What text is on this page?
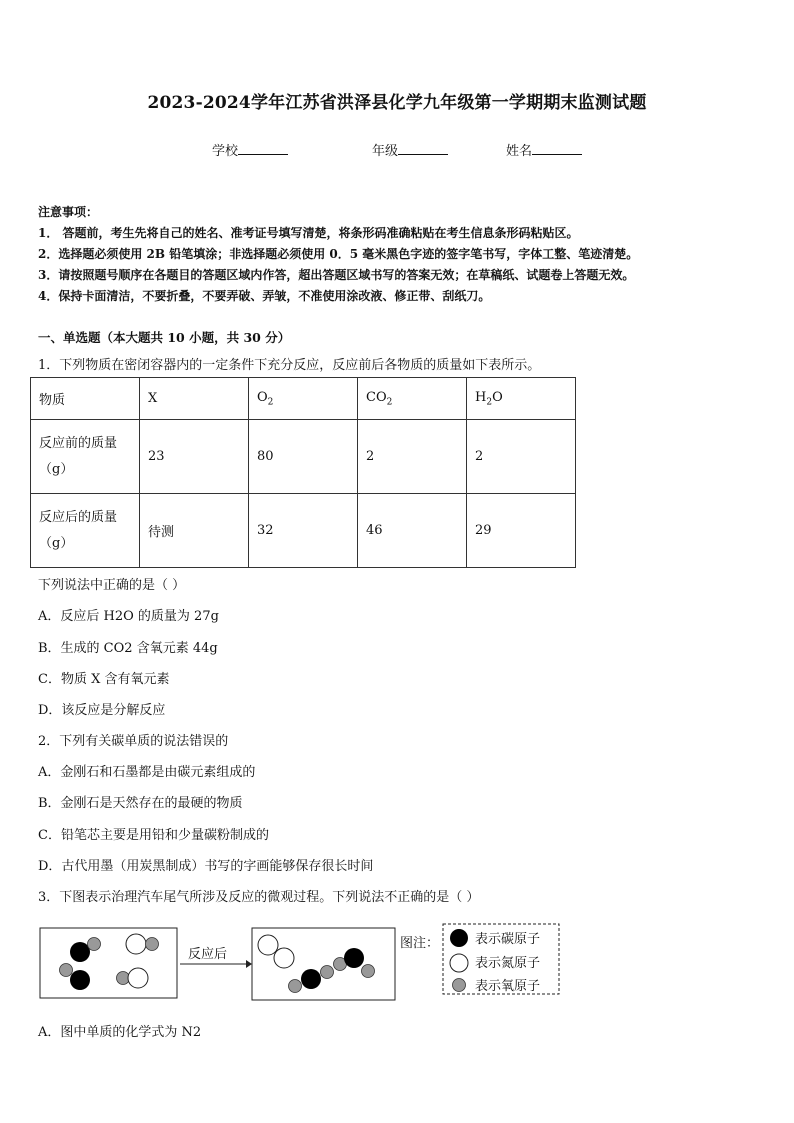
2023-2024学年江苏省洪泽县化学九年级第一学期期末监测试题
学校	年级	姓名
注意事项：
1． 答题前，考生先将自己的姓名、准考证号填写清楚，将条形码准确粘贴在考生信息条形码粘贴区。
2．选择题必须使用 2B 铅笔填涂；非选择题必须使用 0．5 毫米黑色字迹的签字笔书写，字体工整、笔迹清楚。
3．请按照题号顺序在各题目的答题区域内作答，超出答题区域书写的答案无效；在草稿纸、试题卷上答题无效。
4．保持卡面清洁，不要折叠，不要弄破、弄皱，不准使用涂改液、修正带、刮纸刀。
一、单选题（本大题共 10 小题，共 30 分）
1．下列物质在密闭容器内的一定条件下充分反应，反应前后各物质的质量如下表所示。
物质	X	$O_2$	$CO_2$	$H_2O$
反应前的质量（g）	23	80	2	2
反应后的质量（g）	待测	32	46	29
下列说法中正确的是（ ）
A．反应后 H2O 的质量为 27g
B．生成的 CO2 含氧元素 44g
C．物质 X 含有氧元素
D．该反应是分解反应
2．下列有关碳单质的说法错误的
A．金刚石和石墨都是由碳元素组成的
B．金刚石是天然存在的最硬的物质
C．铅笔芯主要是用铅和少量碳粉制成的
D．古代用墨（用炭黑制成）书写的字画能够保存很长时间
3．下图表示治理汽车尾气所涉及反应的微观过程。下列说法不正确的是（ ）
反应后
图注：	表示碳原子
表示氮原子
表示氧原子
A．图中单质的化学式为 N2
